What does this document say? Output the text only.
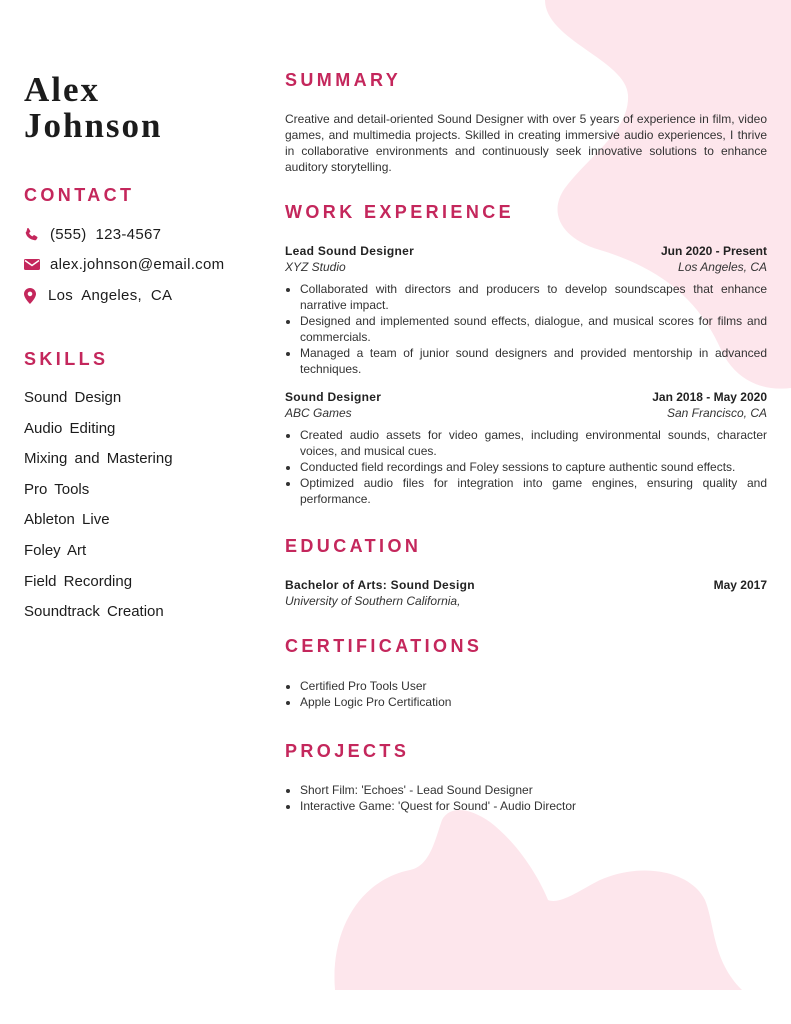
Alex
Johnson
CONTACT
(555)  123-4567
alex.johnson@email.com
Los  Angeles,  CA
SKILLS
Sound Design
Audio Editing
Mixing and Mastering
Pro Tools
Ableton Live
Foley Art
Field Recording
Soundtrack Creation
SUMMARY

Creative and detail-oriented Sound Designer with over 5 years of experience in film, video games, and multimedia projects. Skilled in creating immersive audio experiences, I thrive in collaborative environments and continuously seek innovative solutions to enhance auditory storytelling.

WORK EXPERIENCE
Lead Sound Designer	Jun 2020 - Present
XYZ Studio	Los Angeles, CA
• Collaborated with directors and producers to develop soundscapes that enhance narrative impact.
• Designed and implemented sound effects, dialogue, and musical scores for films and commercials.
• Managed a team of junior sound designers and provided mentorship in advanced techniques.
Sound Designer	Jan 2018 - May 2020
ABC Games	San Francisco, CA
• Created audio assets for video games, including environmental sounds, character voices, and musical cues.
• Conducted field recordings and Foley sessions to capture authentic sound effects.
• Optimized audio files for integration into game engines, ensuring quality and performance.
EDUCATION
Bachelor of Arts: Sound Design	May 2017
University of Southern California,
CERTIFICATIONS
• Certified Pro Tools User
• Apple Logic Pro Certification
PROJECTS
• Short Film: 'Echoes' - Lead Sound Designer
• Interactive Game: 'Quest for Sound' - Audio Director
